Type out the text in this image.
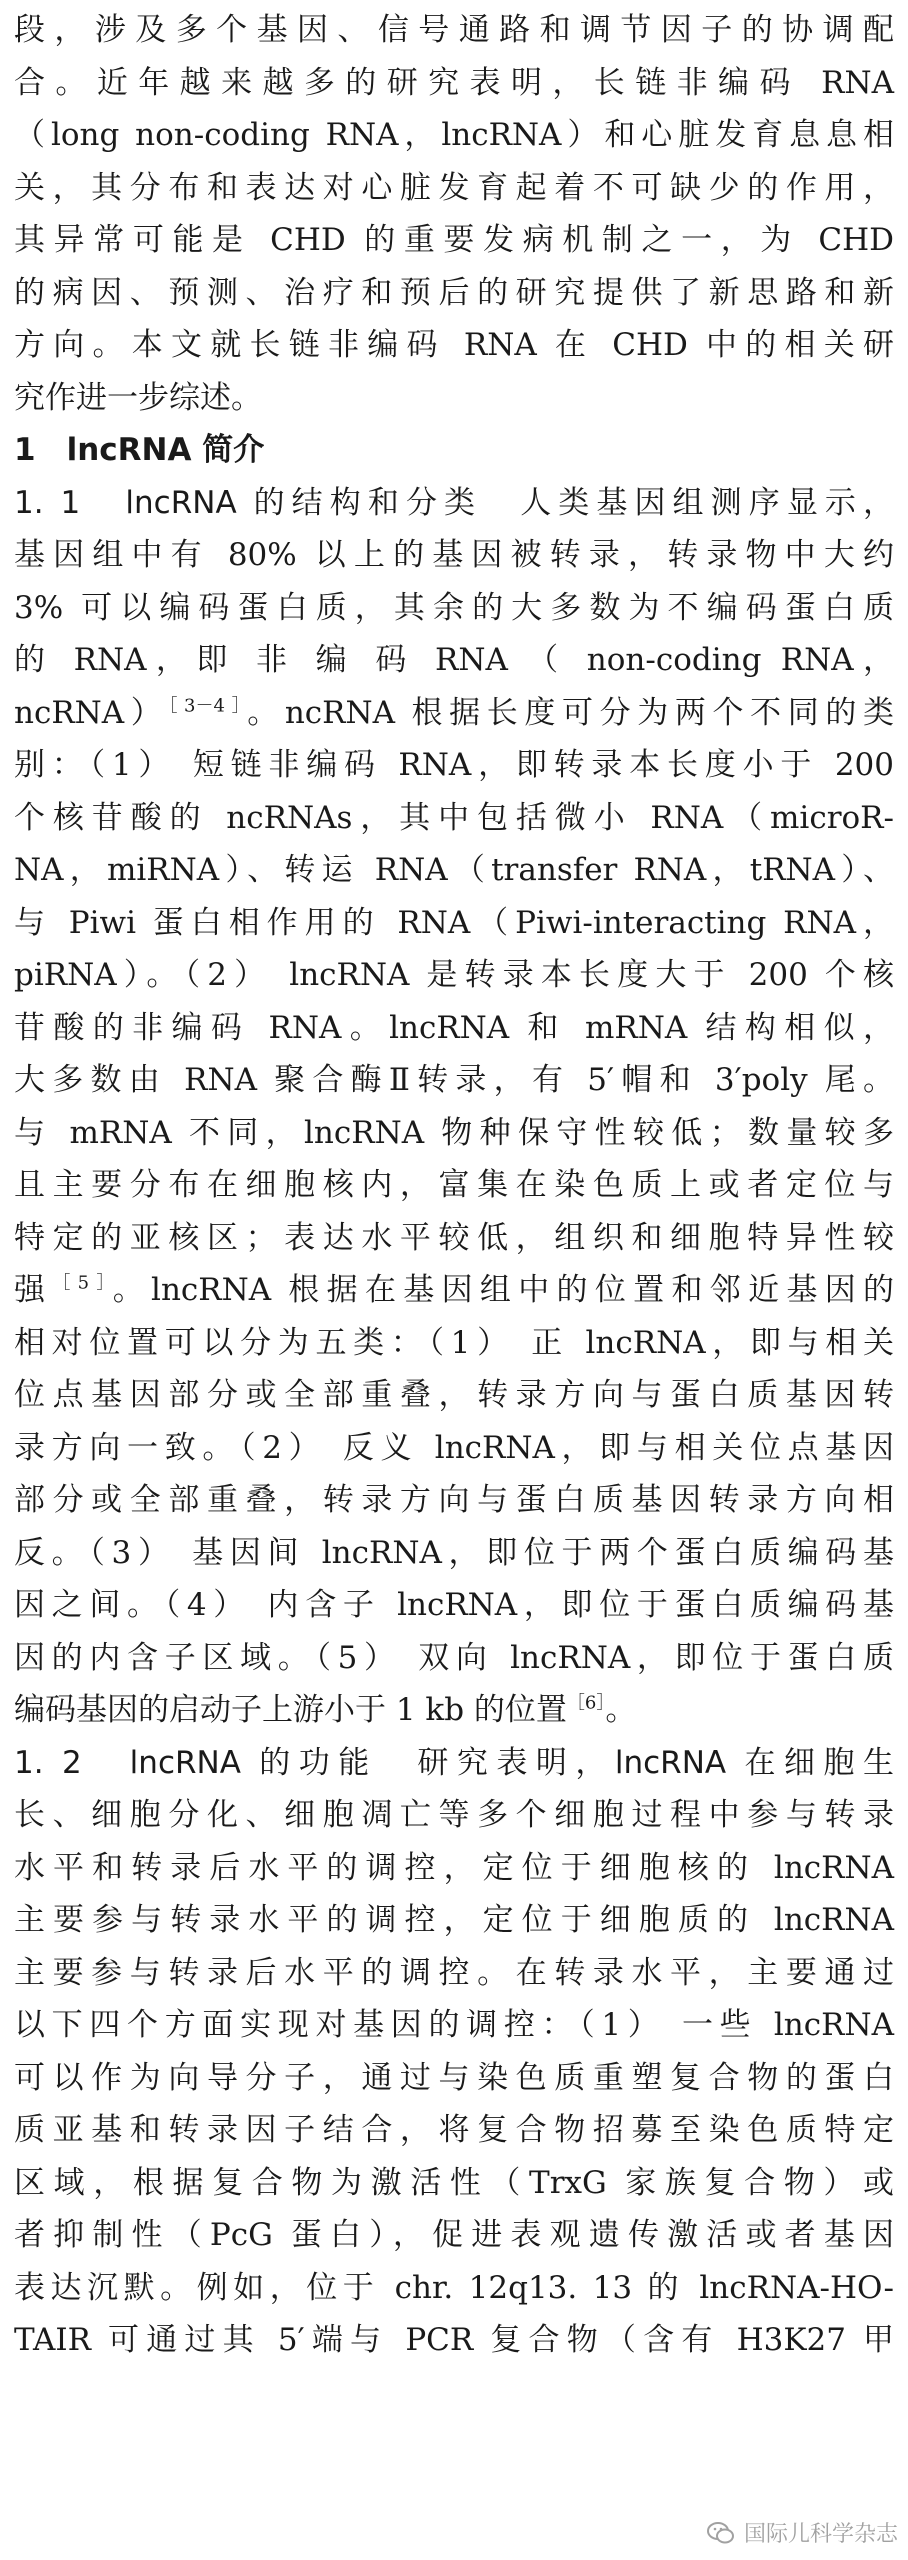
段，涉及多个基因、信号通路和调节因子的协调配
合。近年越来越多的研究表明，长链非编码 RNA
（long non-coding RNA，lncRNA）和心脏发育息息相
关，其分布和表达对心脏发育起着不可缺少的作用，
其异常可能是 CHD 的重要发病机制之一，为 CHD
的病因、预测、治疗和预后的研究提供了新思路和新
方向。本文就长链非编码 RNA 在 CHD 中的相关研
究作进一步综述。
1　lncRNA 简介
1. 1　lncRNA 的结构和分类　人类基因组测序显示，
基因组中有 80% 以上的基因被转录，转录物中大约
3% 可以编码蛋白质，其余的大多数为不编码蛋白质
的 RNA，即 非 编 码 RNA （ non-coding RNA，
ncRNA）$^{[3-4]}$。ncRNA 根据长度可分为两个不同的类
别：（1） 短链非编码 RNA，即转录本长度小于 200
个核苷酸的 ncRNAs，其中包括微小 RNA（microR-
NA，miRNA）、转运 RNA（transfer RNA，tRNA）、
与 Piwi 蛋白相作用的 RNA（Piwi-interacting RNA，
piRNA）。（2） lncRNA 是转录本长度大于 200 个核
苷酸的非编码 RNA。lncRNA 和 mRNA 结构相似，
大多数由 RNA 聚合酶Ⅱ转录，有 5′帽和 3′poly 尾。
与 mRNA 不同，lncRNA 物种保守性较低；数量较多
且主要分布在细胞核内，富集在染色质上或者定位与
特定的亚核区；表达水平较低，组织和细胞特异性较
强$^{[5]}$。lncRNA 根据在基因组中的位置和邻近基因的
相对位置可以分为五类：（1） 正 lncRNA，即与相关
位点基因部分或全部重叠，转录方向与蛋白质基因转
录方向一致。（2） 反义 lncRNA，即与相关位点基因
部分或全部重叠，转录方向与蛋白质基因转录方向相
反。（3） 基因间 lncRNA，即位于两个蛋白质编码基
因之间。（4） 内含子 lncRNA，即位于蛋白质编码基
因的内含子区域。（5） 双向 lncRNA，即位于蛋白质
编码基因的启动子上游小于 1 kb 的位置$^{[6]}$。
1. 2　lncRNA 的功能　研究表明，lncRNA 在细胞生
长、细胞分化、细胞凋亡等多个细胞过程中参与转录
水平和转录后水平的调控，定位于细胞核的 lncRNA
主要参与转录水平的调控，定位于细胞质的 lncRNA
主要参与转录后水平的调控。在转录水平，主要通过
以下四个方面实现对基因的调控：（1） 一些 lncRNA
可以作为向导分子，通过与染色质重塑复合物的蛋白
质亚基和转录因子结合，将复合物招募至染色质特定
区域，根据复合物为激活性（TrxG 家族复合物）或
者抑制性（PcG 蛋白），促进表观遗传激活或者基因
表达沉默。例如，位于 chr. 12q13. 13 的 lncRNA-HO-
TAIR 可通过其 5′端与 PCR 复合物（含有 H3K27 甲
国际儿科学杂志
